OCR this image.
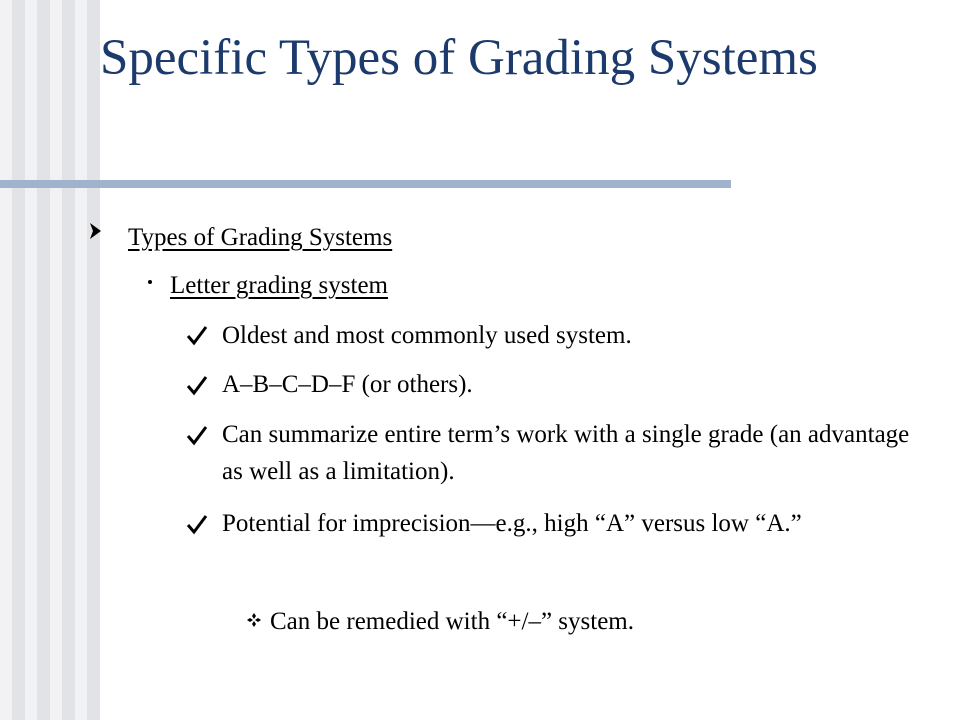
Specific Types of Grading Systems
Types of Grading Systems
Letter grading system
Oldest and most commonly used system.
A–B–C–D–F (or others).
Can summarize entire term’s work with a single grade (an advantage as well as a limitation).
Potential for imprecision—e.g., high “A” versus low “A.”
Can be remedied with “+/–” system.
